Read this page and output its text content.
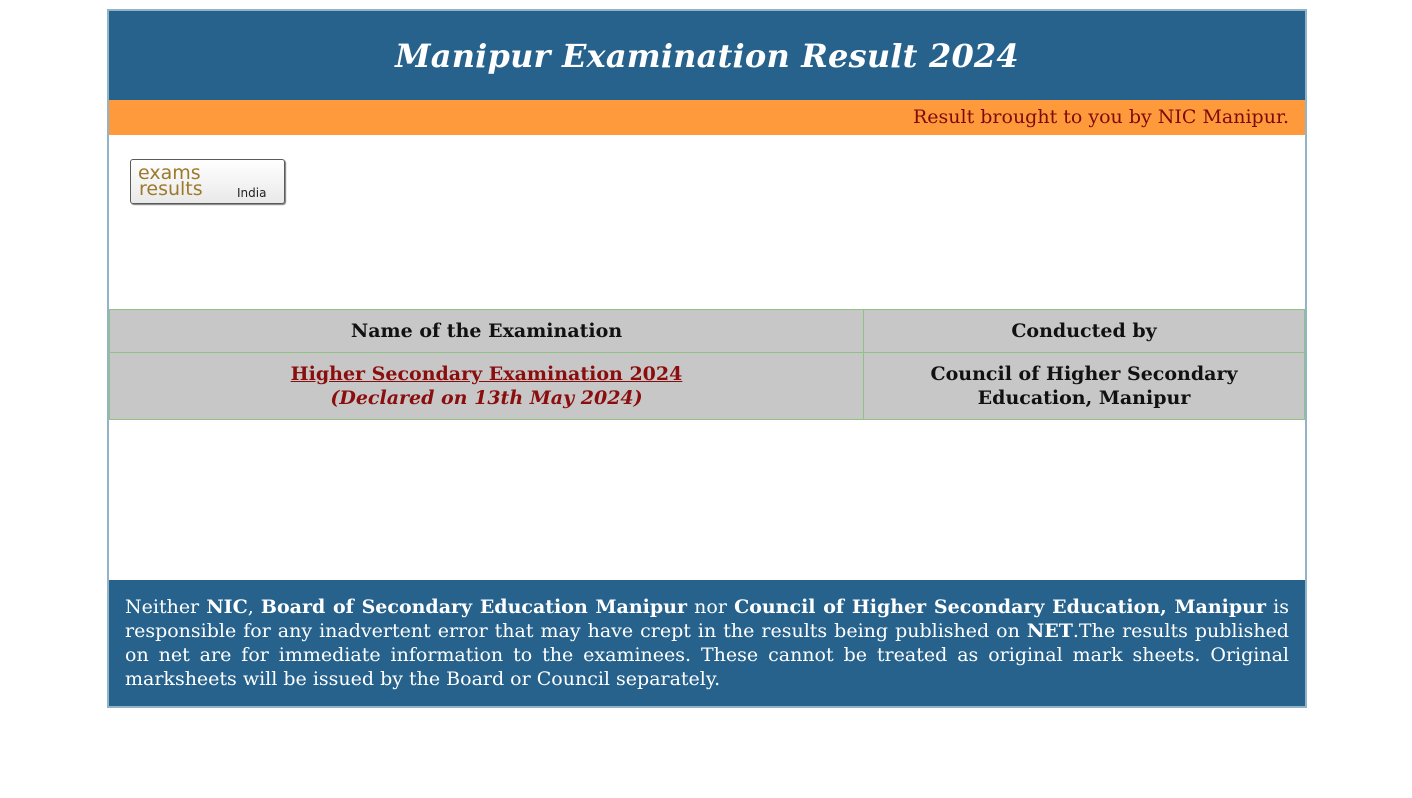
Manipur Examination Result 2024
Result brought to you by NIC Manipur.
exams
results	India
Name of the Examination	Conducted by
Higher Secondary Examination 2024
(Declared on 13th May 2024)	Council of Higher Secondary
Education, Manipur
Neither NIC, Board of Secondary Education Manipur nor Council of Higher Secondary Education, Manipur is responsible for any inadvertent error that may have crept in the results being published on NET.The results published on net are for immediate information to the examinees. These cannot be treated as original mark sheets. Original marksheets will be issued by the Board or Council separately.
